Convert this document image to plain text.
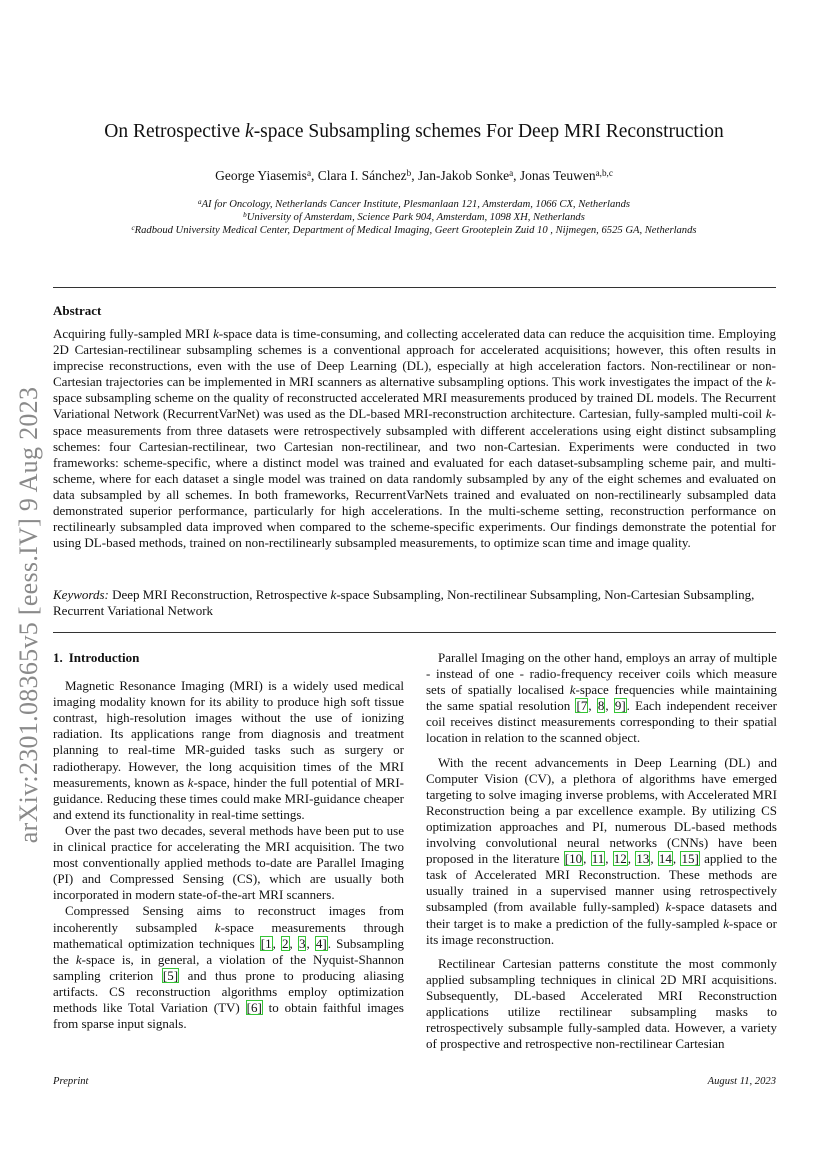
arXiv:2301.08365v5 [eess.IV] 9 Aug 2023
On Retrospective k-space Subsampling schemes For Deep MRI Reconstruction
George Yiasemis$^a$, Clara I. Sánchez$^b$, Jan-Jakob Sonke$^a$, Jonas Teuwen$^{a,b,c}$
$^a$AI for Oncology, Netherlands Cancer Institute, Plesmanlaan 121, Amsterdam, 1066 CX, Netherlands
$^b$University of Amsterdam, Science Park 904, Amsterdam, 1098 XH, Netherlands
$^c$Radboud University Medical Center, Department of Medical Imaging, Geert Grooteplein Zuid 10 , Nijmegen, 6525 GA, Netherlands
Abstract

Acquiring fully-sampled MRI k-space data is time-consuming, and collecting accelerated data can reduce the acquisition time. Employing 2D Cartesian-rectilinear subsampling schemes is a conventional approach for accelerated acquisitions; however, this often results in imprecise reconstructions, even with the use of Deep Learning (DL), especially at high acceleration factors. Non-rectilinear or non-Cartesian trajectories can be implemented in MRI scanners as alternative subsampling options. This work investigates the impact of the k-space subsampling scheme on the quality of reconstructed accelerated MRI measurements produced by trained DL models. The Recurrent Variational Network (RecurrentVarNet) was used as the DL-based MRI-reconstruction architecture. Cartesian, fully-sampled multi-coil k-space measurements from three datasets were retrospectively subsampled with different accelerations using eight distinct subsampling schemes: four Cartesian-rectilinear, two Cartesian non-rectilinear, and two non-Cartesian. Experiments were conducted in two frameworks: scheme-specific, where a distinct model was trained and evaluated for each dataset-subsampling scheme pair, and multi-scheme, where for each dataset a single model was trained on data randomly subsampled by any of the eight schemes and evaluated on data subsampled by all schemes. In both frameworks, RecurrentVarNets trained and evaluated on non-rectilinearly subsampled data demonstrated superior performance, particularly for high accelerations. In the multi-scheme setting, reconstruction performance on rectilinearly subsampled data improved when compared to the scheme-specific experiments. Our findings demonstrate the potential for using DL-based methods, trained on non-rectilinearly subsampled measurements, to optimize scan time and image quality.

Keywords: Deep MRI Reconstruction, Retrospective k-space Subsampling, Non-rectilinear Subsampling, Non-Cartesian Subsampling, Recurrent Variational Network

1. Introduction

Magnetic Resonance Imaging (MRI) is a widely used medical imaging modality known for its ability to produce high soft tissue contrast, high-resolution images without the use of ionizing radiation. Its applications range from diagnosis and treatment planning to real-time MR-guided tasks such as surgery or radiotherapy. However, the long acquisition times of the MRI measurements, known as k-space, hinder the full potential of MRI-guidance. Reducing these times could make MRI-guidance cheaper and extend its functionality in real-time settings.

Over the past two decades, several methods have been put to use in clinical practice for accelerating the MRI acquisition. The two most conventionally applied methods to-date are Parallel Imaging (PI) and Compressed Sensing (CS), which are usually both incorporated in modern state-of-the-art MRI scanners.

Compressed Sensing aims to reconstruct images from incoherently subsampled k-space measurements through mathematical optimization techniques [1, 2, 3, 4]. Subsampling the k-space is, in general, a violation of the Nyquist-Shannon sampling criterion [5] and thus prone to producing aliasing artifacts. CS reconstruction algorithms employ optimization methods like Total Variation (TV) [6] to obtain faithful images from sparse input signals.

Parallel Imaging on the other hand, employs an array of multiple - instead of one - radio-frequency receiver coils which measure sets of spatially localised k-space frequencies while maintaining the same spatial resolution [7, 8, 9]. Each independent receiver coil receives distinct measurements corresponding to their spatial location in relation to the scanned object.

With the recent advancements in Deep Learning (DL) and Computer Vision (CV), a plethora of algorithms have emerged targeting to solve imaging inverse problems, with Accelerated MRI Reconstruction being a par excellence example. By utilizing CS optimization approaches and PI, numerous DL-based methods involving convolutional neural networks (CNNs) have been proposed in the literature [10, 11, 12, 13, 14, 15] applied to the task of Accelerated MRI Reconstruction. These methods are usually trained in a supervised manner using retrospectively subsampled (from available fully-sampled) k-space datasets and their target is to make a prediction of the fully-sampled k-space or its image reconstruction.

Rectilinear Cartesian patterns constitute the most commonly applied subsampling techniques in clinical 2D MRI acquisitions. Subsequently, DL-based Accelerated MRI Reconstruction applications utilize rectilinear subsampling masks to retrospectively subsample fully-sampled data. However, a variety of prospective and retrospective non-rectilinear Cartesian

Preprint	August 11, 2023
